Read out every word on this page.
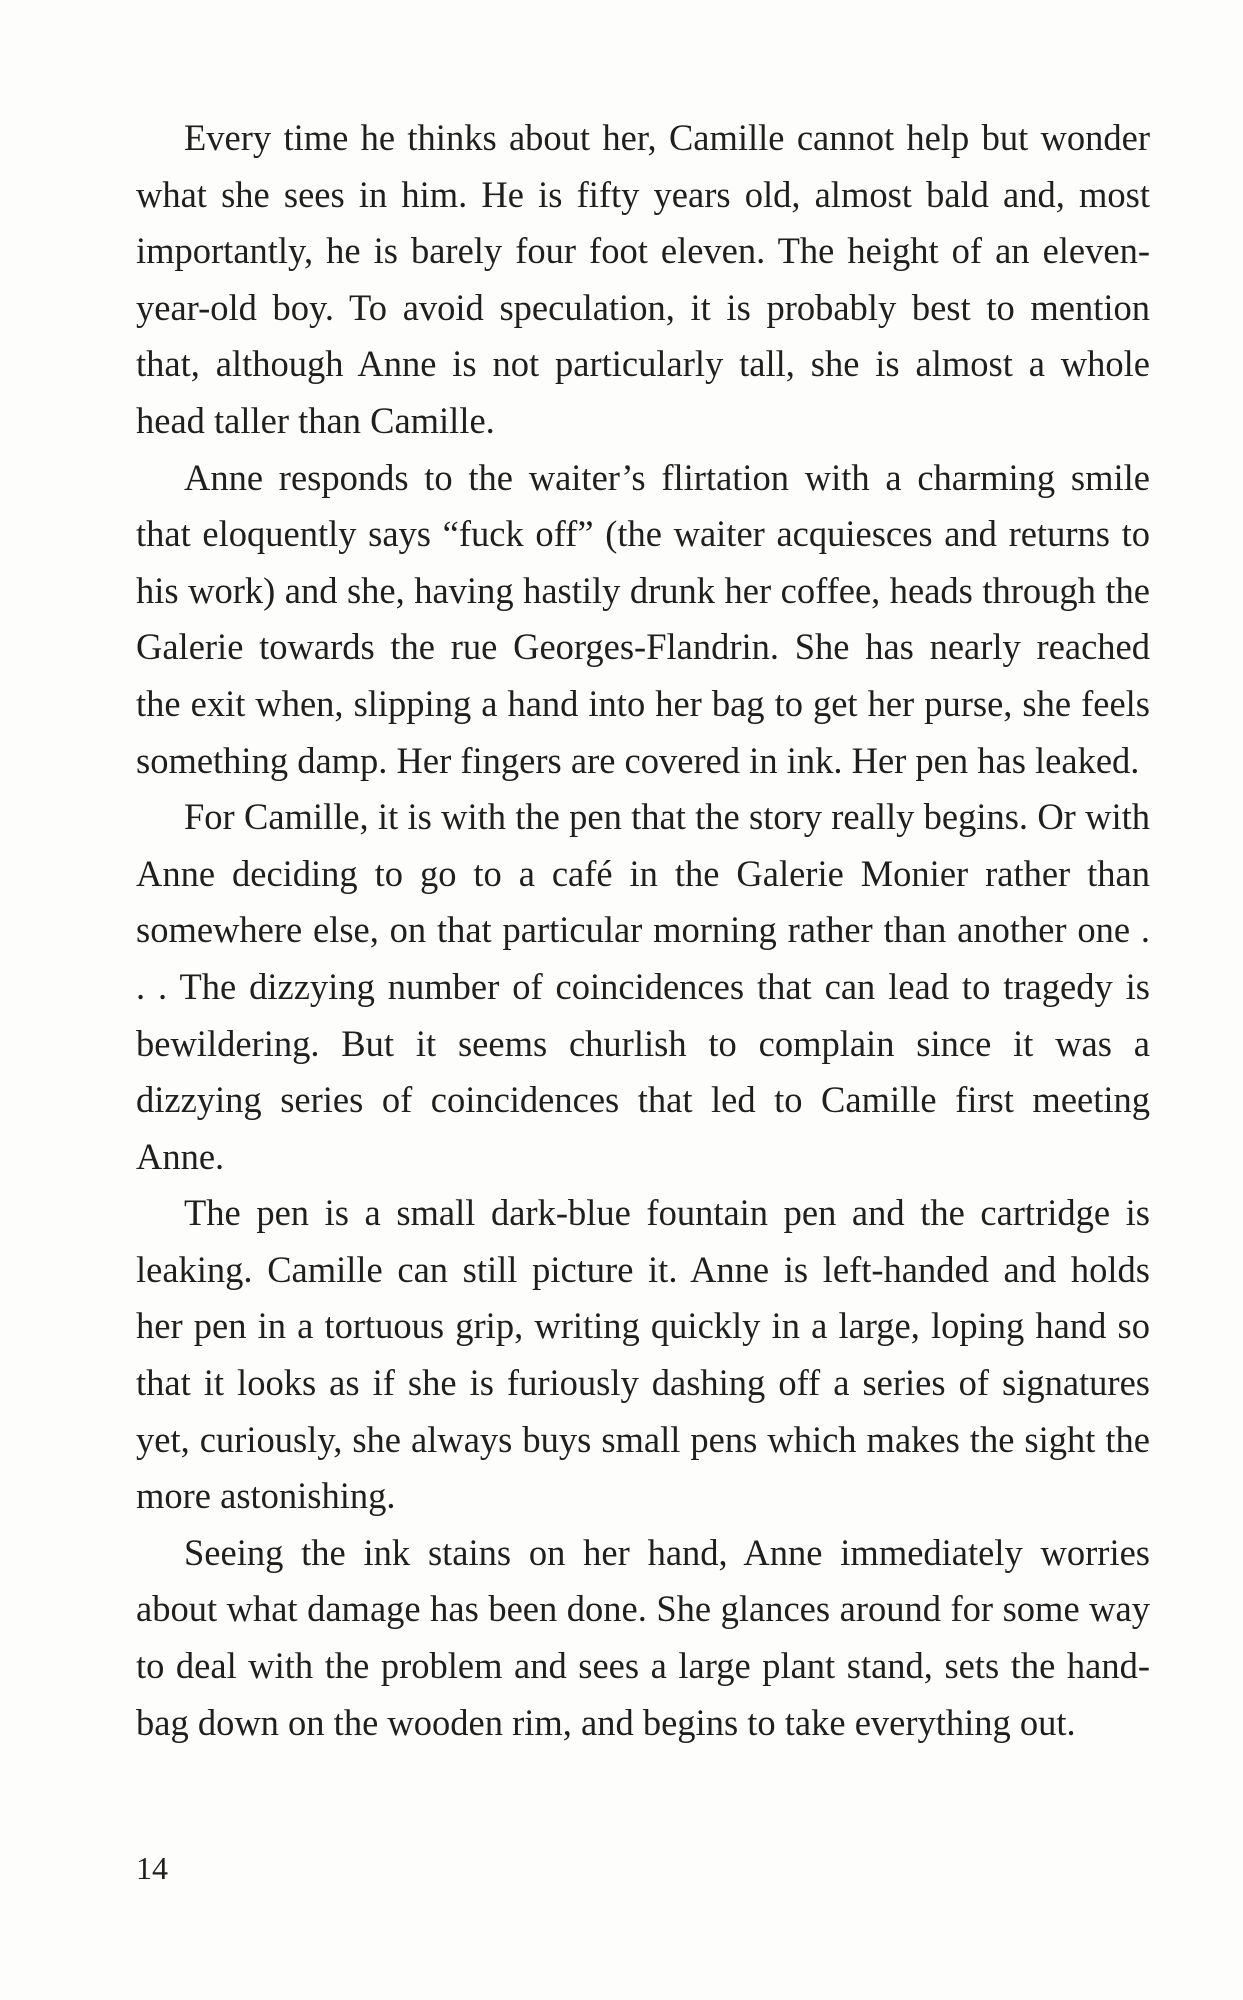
Every time he thinks about her, Camille cannot help but wonder what she sees in him. He is fifty years old, almost bald and, most importantly, he is barely four foot eleven. The height of an eleven-year-old boy. To avoid speculation, it is probably best to mention that, although Anne is not particularly tall, she is almost a whole head taller than Camille.

Anne responds to the waiter’s flirtation with a charming smile that eloquently says “fuck off” (the waiter acquiesces and returns to his work) and she, having hastily drunk her coffee, heads through the Galerie towards the rue Georges-Flandrin. She has nearly reached the exit when, slipping a hand into her bag to get her purse, she feels something damp. Her fingers are covered in ink. Her pen has leaked.

For Camille, it is with the pen that the story really begins. Or with Anne deciding to go to a café in the Galerie Monier rather than somewhere else, on that particular morning rather than another one . . . The dizzying number of coincidences that can lead to tragedy is bewildering. But it seems churlish to complain since it was a dizzying series of coincidences that led to Camille first meeting Anne.

The pen is a small dark-blue fountain pen and the cartridge is leaking. Camille can still picture it. Anne is left-handed and holds her pen in a tortuous grip, writing quickly in a large, loping hand so that it looks as if she is furiously dashing off a series of signatures yet, curiously, she always buys small pens which makes the sight the more astonishing.

Seeing the ink stains on her hand, Anne immediately worries about what damage has been done. She glances around for some way to deal with the problem and sees a large plant stand, sets the hand-bag down on the wooden rim, and begins to take everything out.

14
